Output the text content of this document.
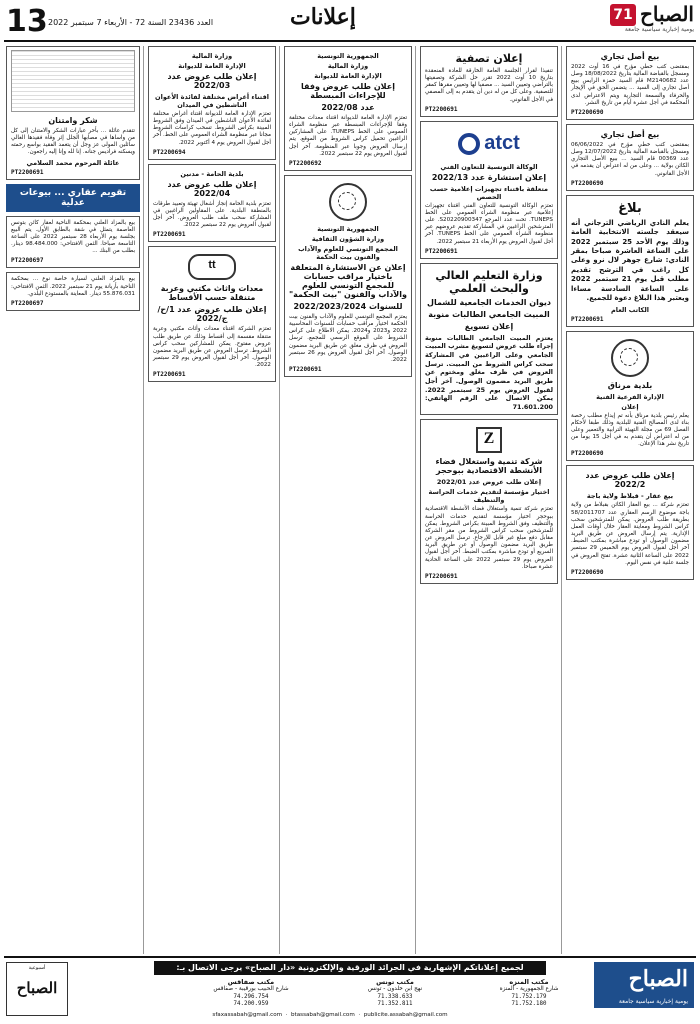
13 العدد 23436 السنة 72 - الأربعاء 7 سبتمبر 2022	إعلانات	الصباح
71
يومية إخبارية سياسية جامعة
بيع أصل تجاري

بمقتضى كتب خطي مؤرخ في 16 أوت 2022 ومسجل بالقباضة المالية بتاريخ 18/08/2022 وصل عدد M2140682 قام السيد حمزة الرايس ببيع أصل تجاري إلى السيد ... يتضمن الحق في الإيجار والحرفاء والسمعة التجارية ويتم الاعتراض لدى المحكمة في أجل عشرة أيام من تاريخ النشر.

PT2200690
بيع أصل تجاري

بمقتضى كتب خطي مؤرخ في 06/06/2022 ومسجل بالقباضة المالية بتاريخ 12/07/2022 وصل عدد 00369 قام السيد ... ببيع الأصل التجاري الكائن بولاية ... وعلى من له اعتراض أن يقدمه في الأجل القانوني.

PT2200690
بلاغ

يعلم النادي الرياضي الترجاني أنه سيعقد جلسته الانتخابية العامة وذلك يوم الأحد 25 سبتمبر 2022 على الساعة العاشرة صباحا بمقر النادي: شارع جوهر لال نرو وعلى كل راغب في الترشح تقديم مطلب قبل يوم 21 سبتمبر 2022 على الساعة السادسة مساءا ويعتبر هذا البلاغ دعوة للجميع.

الكاتب العام
PT2200691
بلدية مرناق
الإدارة الفرعية الفنية
إعلان

يعلم رئيس بلدية مرناق بأنه تم إيداع مطلب رخصة بناء لدى المصالح الفنية للبلدية وذلك طبقا لأحكام الفصل 69 من مجلة التهيئة الترابية والتعمير وعلى من له اعتراض أن يتقدم به في أجل 15 يوما من تاريخ نشر هذا الإعلان.

PT2200690
إعلان طلب عروض عدد 2022/2
بيع عقار - قبلاط ولاية باجة

تعتزم شركة ... بيع العقار الكائن بقبلاط من ولاية باجة موضوع الرسم العقاري عدد 58/2011707 بطريقة طلب العروض. يمكن للمترشحين سحب كراس الشروط ومعاينة العقار خلال أوقات العمل الإدارية. يتم إرسال العروض عن طريق البريد مضمون الوصول أو تودع مباشرة بمكتب الضبط. آخر أجل لقبول العروض يوم الخميس 29 سبتمبر 2022 على الساعة الثانية عشرة. تفتح العروض في جلسة علنية في نفس اليوم.

PT2200690
إعلان تصفية

تنفيذا لقرار الجلسة العامة الخارقة للعادة المنعقدة بتاريخ 10 أوت 2022 تقرر حل الشركة وتصفيتها بالتراضي وتعيين السيد ... مصفيا لها وتعيين مقرها كمقر للتصفية. وعلى كل من له دين أن يتقدم به إلى المصفي في الأجل القانوني.

PT2200691
atct
الوكالة التونسية للتعاون الفني
إعلان استشارة عدد 2022/13
متعلقة باقتناء تجهيزات إعلامية حسب الحصص

تعتزم الوكالة التونسية للتعاون الفني اقتناء تجهيزات إعلامية عبر منظومة الشراء العمومي على الخط TUNEPS. تحت عدد المرجع S20220900347. على المترشحين الراغبين في المشاركة تقديم عروضهم عبر منظومة الشراء العمومي على الخط TUNEPS. آخر أجل لقبول العروض يوم الأربعاء 21 سبتمبر 2022.

PT2200691
وزارة التعليم العالي والبحث العلمي
ديوان الخدمات الجامعية للشمال
المبيت الجامعي الطالبات منوبة
إعلان تسويغ

يعتزم المبيت الجامعي الطالبات منوبة إجراء طلب عروض لتسويغ مشرب المبيت الجامعي وعلى الراغبين في المشاركة سحب كراس الشروط من المبيت. ترسل العروض في ظرف مغلق ومختوم عن طريق البريد مضمون الوصول. آخر أجل لقبول العروض يوم 25 سبتمبر 2022. يمكن الاتصال على الرقم الهاتفي: 71.601.200

Z
شركة تنمية واستغلال فضاء الأنشطة الاقتصادية ببوحجر
إعلان طلب عروض عدد 2022/01
اختيار مؤسسة لتقديم خدمات الحراسة والتنظيف

تعتزم شركة تنمية واستغلال فضاء الأنشطة الاقتصادية ببوحجر اختيار مؤسسة لتقديم خدمات الحراسة والتنظيف وفق الشروط المبينة بكراس الشروط. يمكن للمترشحين سحب كراس الشروط من مقر الشركة مقابل دفع مبلغ غير قابل للإرجاع. ترسل العروض عن طريق البريد مضمون الوصول أو عن طريق البريد السريع أو تودع مباشرة بمكتب الضبط. آخر أجل لقبول العروض يوم 29 سبتمبر 2022 على الساعة الحادية عشرة صباحا.

PT2200691
الجمهورية التونسية
وزارة المالية
الإدارة العامة للديوانة
إعلان طلب عروض وفقا للإجراءات المبسطة
عدد 2022/08

تعتزم الإدارة العامة للديوانة اقتناء معدات مختلفة وفقا للإجراءات المبسطة عبر منظومة الشراء العمومي على الخط TUNEPS. على المشاركين الراغبين تحميل كراس الشروط من الموقع. يتم إرسال العروض وجوبا عبر المنظومة. آخر أجل لقبول العروض يوم 22 سبتمبر 2022.

PT2200692
الجمهورية التونسية
وزارة الشؤون الثقافية
المجمع التونسي للعلوم والآداب والفنون بيت الحكمة
إعلان عن الاستشارة المتعلقة باختيار مراقب حسابات للمجمع التونسي للعلوم والآداب والفنون "بيت الحكمة"
للسنوات 2022/2023/2024

يعتزم المجمع التونسي للعلوم والآداب والفنون بيت الحكمة اختيار مراقب حسابات للسنوات المحاسبية 2022 و2023 و2024. يمكن الاطلاع على كراس الشروط على الموقع الرسمي للمجمع. ترسل العروض في ظرف مغلق عن طريق البريد مضمون الوصول. آخر أجل لقبول العروض يوم 26 سبتمبر 2022.

PT2200691
وزارة المالية
الإدارة العامة للديوانة
إعلان طلب عروض عدد 2022/03
اقتناء أغراض مختلفة لفائدة الأعوان الناشطين في الميدان

تعتزم الإدارة العامة للديوانة اقتناء أغراض مختلفة لفائدة الأعوان الناشطين في الميدان وفق الشروط المبينة بكراس الشروط. تسحب كراسات الشروط مجانا عبر منظومة الشراء العمومي على الخط. آخر أجل لقبول العروض يوم 4 أكتوبر 2022.

PT2200694
بلدية الحامة - مدنين
إعلان طلب عروض عدد 2022/04

تعتزم بلدية الحامة إنجاز أشغال تهيئة وتعبيد طرقات بالمنطقة البلدية. على المقاولين الراغبين في المشاركة سحب ملف طلب العروض. آخر أجل لقبول العروض يوم 22 سبتمبر 2022.

PT2200691
tt
معدات واثاث مكتبي وعربة متنقلة حسب الأقساط
إعلان طلب عروض عدد 1/ح/ج/2022

تعتزم الشركة اقتناء معدات وأثاث مكتبي وعربة متنقلة مقسمة إلى أقساط وذلك عن طريق طلب عروض مفتوح. يمكن للمشاركين سحب كراس الشروط. ترسل العروض عن طريق البريد مضمون الوصول. آخر أجل لقبول العروض يوم 29 سبتمبر 2022.

PT2200691
شكر وامتنان

تتقدم عائلة ... بأحر عبارات الشكر والامتنان إلى كل من واساها في مصابها الجلل إثر وفاة فقيدها الغالي سائلين المولى عز وجل أن يتغمد الفقيد بواسع رحمته ويسكنه فراديس جنانه. إنا لله وإنا إليه راجعون.

عائلة المرحوم محمد السلامي
PT2200691
تقويم عقاري ... بيوعات عدلية

بيع بالمزاد العلني بمحكمة الناحية لعقار كائن بتونس العاصمة يتمثل في شقة بالطابق الأول. يتم البيع بجلسة يوم الأربعاء 28 سبتمبر 2022 على الساعة التاسعة صباحا. الثمن الافتتاحي: 98.484.000 دينار. بطلب من البنك ...

PT2200697

بيع بالمزاد العلني لسيارة خاصة نوع ... بمحكمة الناحية بأريانة يوم 21 سبتمبر 2022. الثمن الافتتاحي: 55.876.031 دينار. المعاينة بالمستودع البلدي.

PT2200697
لجميع إعلاناتكم الإشهارية في الجرائد الورقية والإلكترونية «دار الصباح» يرجى الاتصال بـ:	الصباح
يومية إخبارية سياسية جامعة
مكتب المنزه
شارع الجمهورية - المنزه
71.752.179
71.752.180
مكتب تونس
نهج ابن خلدون - تونس
71.338.633
71.352.811
مكتب صفاقس
شارع الحبيب بورقيبة - صفاقس
74.296.754
74.200.959
أسبوعية
الصباح
sfaxassabah@gmail.com  ·  btassabah@gmail.com  ·  publicite.assabah@gmail.com
